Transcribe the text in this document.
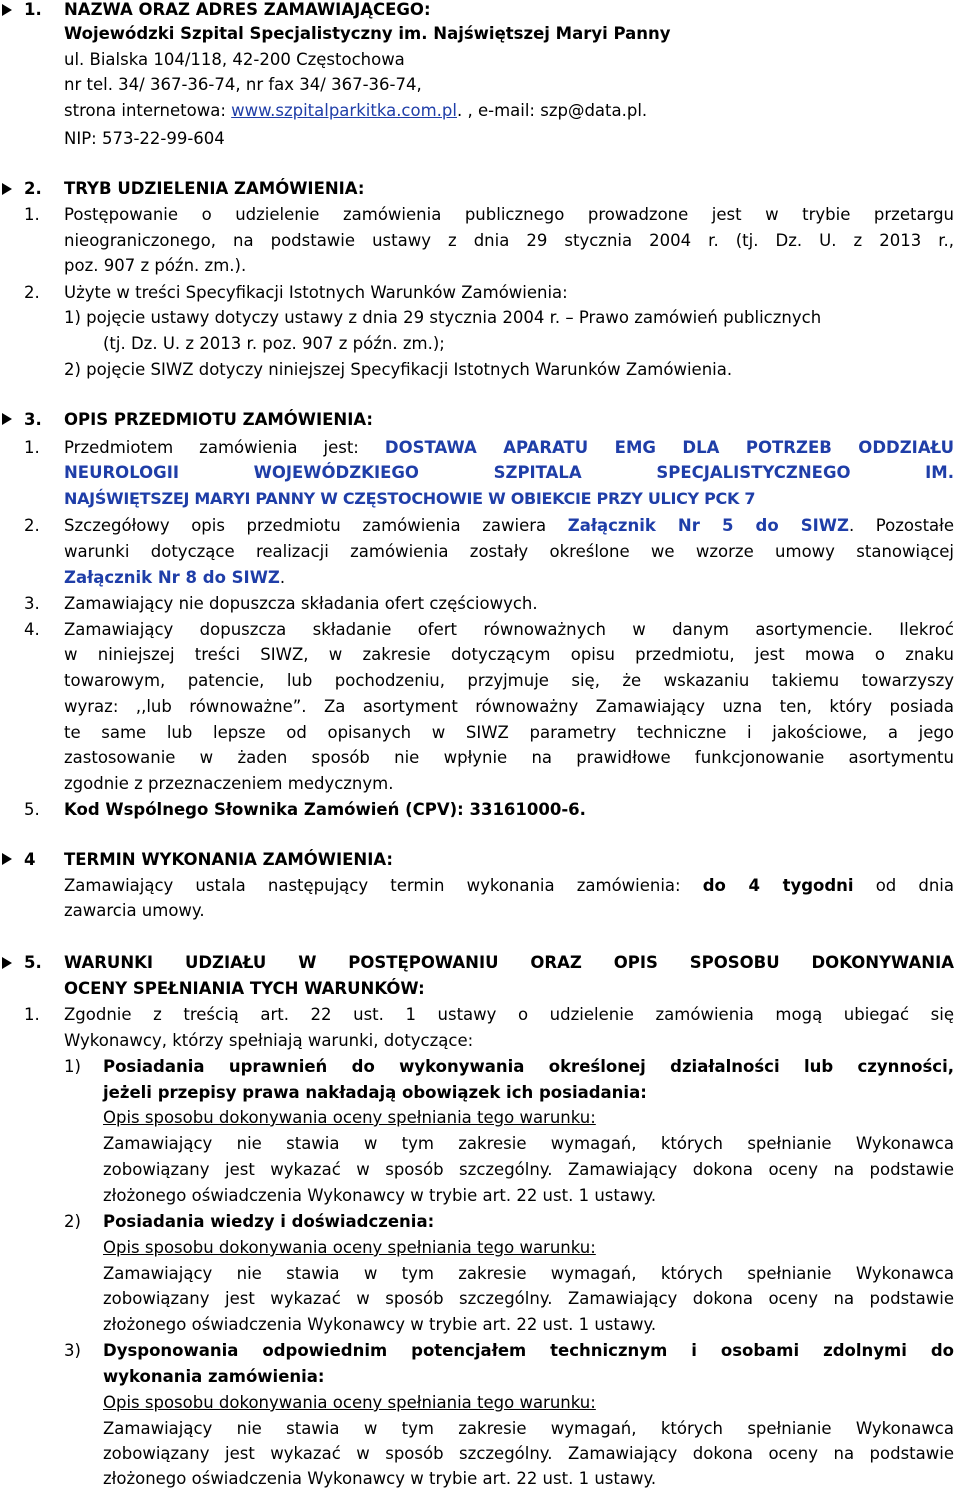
1. NAZWA ORAZ ADRES ZAMAWIAJĄCEGO:
Wojewódzki Szpital Specjalistyczny im. Najświętszej Maryi Panny
ul. Bialska 104/118, 42-200 Częstochowa
nr tel. 34/ 367-36-74, nr fax 34/ 367-36-74,
strona internetowa: www.szpitalparkitka.com.pl. , e-mail: szp@data.pl.
NIP: 573-22-99-604
2. TRYB UDZIELENIA ZAMÓWIENIA:
1. Postępowanie o udzielenie zamówienia publicznego prowadzone jest w trybie przetargu
nieograniczonego, na podstawie ustawy z dnia 29 stycznia 2004 r. (tj. Dz. U. z 2013 r.,
poz. 907 z późn. zm.).
2. Użyte w treści Specyfikacji Istotnych Warunków Zamówienia:
1) pojęcie ustawy dotyczy ustawy z dnia 29 stycznia 2004 r. – Prawo zamówień publicznych
(tj. Dz. U. z 2013 r. poz. 907 z późn. zm.);
2) pojęcie SIWZ dotyczy niniejszej Specyfikacji Istotnych Warunków Zamówienia.
3. OPIS PRZEDMIOTU ZAMÓWIENIA:
1. Przedmiotem zamówienia jest: DOSTAWA APARATU EMG DLA POTRZEB ODDZIAŁU
NEUROLOGII WOJEWÓDZKIEGO SZPITALA SPECJALISTYCZNEGO IM.
NAJŚWIĘTSZEJ MARYI PANNY W CZĘSTOCHOWIE W OBIEKCIE PRZY ULICY PCK 7
2. Szczegółowy opis przedmiotu zamówienia zawiera Załącznik Nr 5 do SIWZ. Pozostałe
warunki dotyczące realizacji zamówienia zostały określone we wzorze umowy stanowiącej
Załącznik Nr 8 do SIWZ.
3. Zamawiający nie dopuszcza składania ofert częściowych.
4. Zamawiający dopuszcza składanie ofert równoważnych w danym asortymencie. Ilekroć
w niniejszej treści SIWZ, w zakresie dotyczącym opisu przedmiotu, jest mowa o znaku
towarowym, patencie, lub pochodzeniu, przyjmuje się, że wskazaniu takiemu towarzyszy
wyraz: ,,lub równoważne”. Za asortyment równoważny Zamawiający uzna ten, który posiada
te same lub lepsze od opisanych w SIWZ parametry techniczne i jakościowe, a jego
zastosowanie w żaden sposób nie wpłynie na prawidłowe funkcjonowanie asortymentu
zgodnie z przeznaczeniem medycznym.
5. Kod Wspólnego Słownika Zamówień (CPV): 33161000-6.
4 TERMIN WYKONANIA ZAMÓWIENIA:
Zamawiający ustala następujący termin wykonania zamówienia: do 4 tygodni od dnia
zawarcia umowy.
5. WARUNKI UDZIAŁU W POSTĘPOWANIU ORAZ OPIS SPOSOBU DOKONYWANIA
OCENY SPEŁNIANIA TYCH WARUNKÓW:
1. Zgodnie z treścią art. 22 ust. 1 ustawy o udzielenie zamówienia mogą ubiegać się
Wykonawcy, którzy spełniają warunki, dotyczące:
1) Posiadania uprawnień do wykonywania określonej działalności lub czynności,
jeżeli przepisy prawa nakładają obowiązek ich posiadania:
Opis sposobu dokonywania oceny spełniania tego warunku:
Zamawiający nie stawia w tym zakresie wymagań, których spełnianie Wykonawca
zobowiązany jest wykazać w sposób szczególny. Zamawiający dokona oceny na podstawie
złożonego oświadczenia Wykonawcy w trybie art. 22 ust. 1 ustawy.
2) Posiadania wiedzy i doświadczenia:
Opis sposobu dokonywania oceny spełniania tego warunku:
Zamawiający nie stawia w tym zakresie wymagań, których spełnianie Wykonawca
zobowiązany jest wykazać w sposób szczególny. Zamawiający dokona oceny na podstawie
złożonego oświadczenia Wykonawcy w trybie art. 22 ust. 1 ustawy.
3) Dysponowania odpowiednim potencjałem technicznym i osobami zdolnymi do
wykonania zamówienia:
Opis sposobu dokonywania oceny spełniania tego warunku:
Zamawiający nie stawia w tym zakresie wymagań, których spełnianie Wykonawca
zobowiązany jest wykazać w sposób szczególny. Zamawiający dokona oceny na podstawie
złożonego oświadczenia Wykonawcy w trybie art. 22 ust. 1 ustawy.
